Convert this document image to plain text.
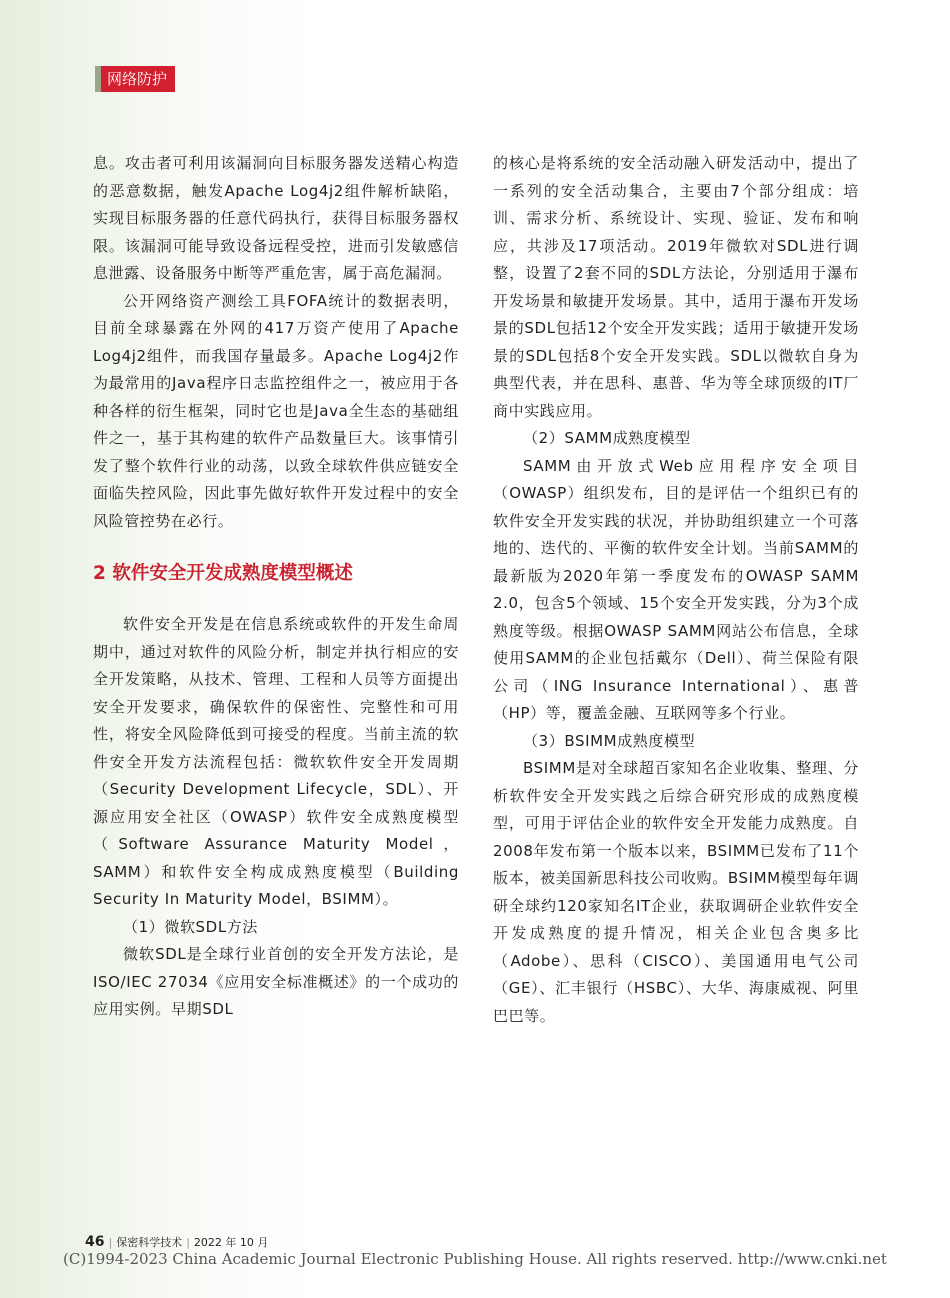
网络防护

息。攻击者可利用该漏洞向目标服务器发送精心构造的恶意数据，触发Apache Log4j2组件解析缺陷，实现目标服务器的任意代码执行，获得目标服务器权限。该漏洞可能导致设备远程受控，进而引发敏感信息泄露、设备服务中断等严重危害，属于高危漏洞。

公开网络资产测绘工具FOFA统计的数据表明，目前全球暴露在外网的417万资产使用了Apache Log4j2组件，而我国存量最多。Apache Log4j2作为最常用的Java程序日志监控组件之一，被应用于各种各样的衍生框架，同时它也是Java全生态的基础组件之一，基于其构建的软件产品数量巨大。该事情引发了整个软件行业的动荡，以致全球软件供应链安全面临失控风险，因此事先做好软件开发过程中的安全风险管控势在必行。

2 软件安全开发成熟度模型概述

软件安全开发是在信息系统或软件的开发生命周期中，通过对软件的风险分析，制定并执行相应的安全开发策略，从技术、管理、工程和人员等方面提出安全开发要求，确保软件的保密性、完整性和可用性，将安全风险降低到可接受的程度。当前主流的软件安全开发方法流程包括：微软软件安全开发周期（Security Development Lifecycle，SDL）、开源应用安全社区（OWASP）软件安全成熟度模型（Software Assurance Maturity Model，SAMM）和软件安全构成成熟度模型（Building Security In Maturity Model，BSIMM）。

（1）微软SDL方法

微软SDL是全球行业首创的安全开发方法论，是ISO/IEC 27034《应用安全标准概述》的一个成功的应用实例。早期SDL

的核心是将系统的安全活动融入研发活动中，提出了一系列的安全活动集合，主要由7个部分组成：培训、需求分析、系统设计、实现、验证、发布和响应，共涉及17项活动。2019年微软对SDL进行调整，设置了2套不同的SDL方法论，分别适用于瀑布开发场景和敏捷开发场景。其中，适用于瀑布开发场景的SDL包括12个安全开发实践；适用于敏捷开发场景的SDL包括8个安全开发实践。SDL以微软自身为典型代表，并在思科、惠普、华为等全球顶级的IT厂商中实践应用。

（2）SAMM成熟度模型

SAMM由开放式Web应用程序安全项目（OWASP）组织发布，目的是评估一个组织已有的软件安全开发实践的状况，并协助组织建立一个可落地的、迭代的、平衡的软件安全计划。当前SAMM的最新版为2020年第一季度发布的OWASP SAMM 2.0，包含5个领域、15个安全开发实践，分为3个成熟度等级。根据OWASP SAMM网站公布信息，全球使用SAMM的企业包括戴尔（Dell）、荷兰保险有限公司（ING Insurance International）、惠普（HP）等，覆盖金融、互联网等多个行业。

（3）BSIMM成熟度模型

BSIMM是对全球超百家知名企业收集、整理、分析软件安全开发实践之后综合研究形成的成熟度模型，可用于评估企业的软件安全开发能力成熟度。自2008年发布第一个版本以来，BSIMM已发布了11个版本，被美国新思科技公司收购。BSIMM模型每年调研全球约120家知名IT企业，获取调研企业软件安全开发成熟度的提升情况，相关企业包含奥多比（Adobe）、思科（CISCO）、美国通用电气公司（GE）、汇丰银行（HSBC）、大华、海康威视、阿里巴巴等。

46 | 保密科学技术 | 2022 年 10 月
(C)1994-2023 China Academic Journal Electronic Publishing House. All rights reserved. http://www.cnki.net
